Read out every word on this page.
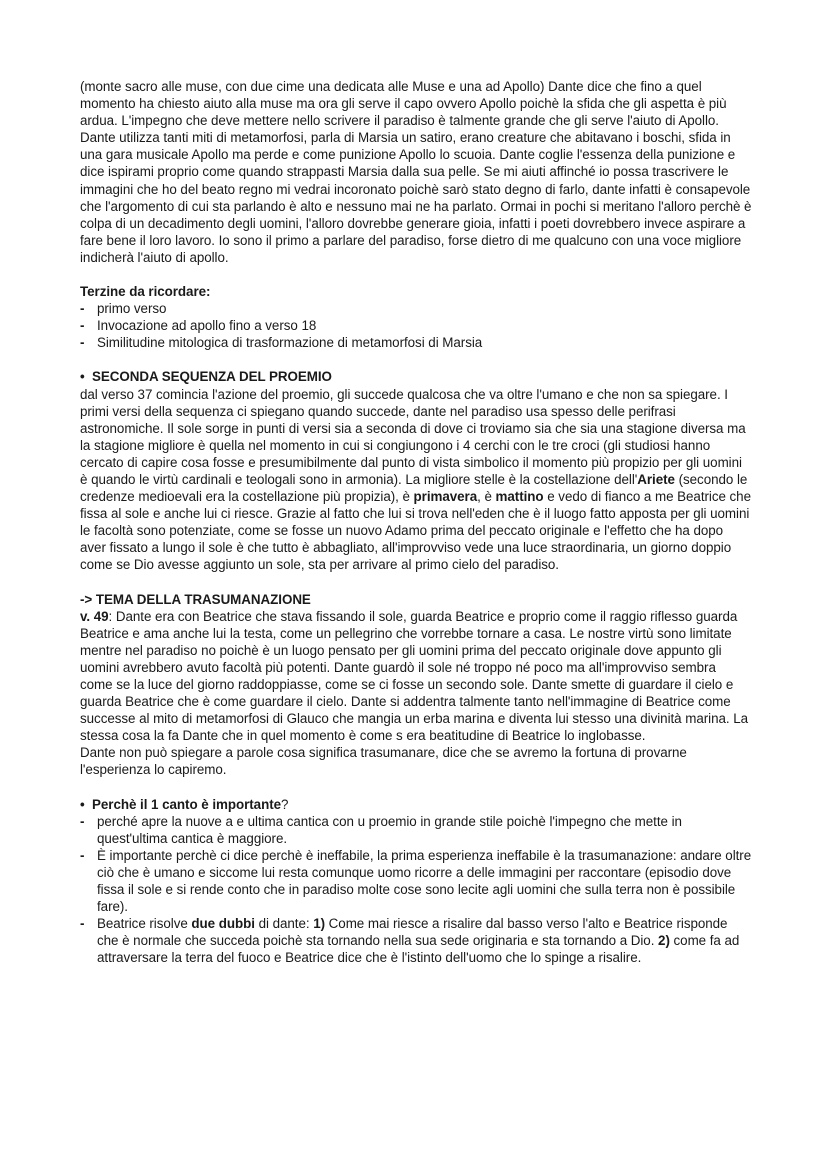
(monte sacro alle muse, con due cime una dedicata alle Muse e una ad Apollo) Dante dice che fino a quel momento ha chiesto aiuto alla muse ma ora gli serve il capo ovvero Apollo poichè la sfida che gli aspetta è più ardua. L'impegno che deve mettere nello scrivere il paradiso è talmente grande che gli serve l'aiuto di Apollo. Dante utilizza tanti miti di metamorfosi, parla di Marsia un satiro, erano creature che abitavano i boschi, sfida in una gara musicale Apollo ma perde e come punizione Apollo lo scuoia. Dante coglie l'essenza della punizione e dice ispirami proprio come quando strappasti Marsia dalla sua pelle. Se mi aiuti affinché io possa trascrivere le immagini che ho del beato regno mi vedrai incoronato poichè sarò stato degno di farlo, dante infatti è consapevole che l'argomento di cui sta parlando è alto e nessuno mai ne ha parlato. Ormai in pochi si meritano l'alloro perchè è colpa di un decadimento degli uomini, l'alloro dovrebbe generare gioia, infatti i poeti dovrebbero invece aspirare a fare bene il loro lavoro. Io sono il primo a parlare del paradiso, forse dietro di me qualcuno con una voce migliore indicherà l'aiuto di apollo.

Terzine da ricordare:

- primo verso
- Invocazione ad apollo fino a verso 18
- Similitudine mitologica di trasformazione di metamorfosi di Marsia

• SECONDA SEQUENZA DEL PROEMIO

dal verso 37 comincia l'azione del proemio, gli succede qualcosa che va oltre l'umano e che non sa spiegare. I primi versi della sequenza ci spiegano quando succede, dante nel paradiso usa spesso delle perifrasi astronomiche. Il sole sorge in punti di versi sia a seconda di dove ci troviamo sia che sia una stagione diversa ma la stagione migliore è quella nel momento in cui si congiungono i 4 cerchi con le tre croci (gli studiosi hanno cercato di capire cosa fosse e presumibilmente dal punto di vista simbolico il momento più propizio per gli uomini è quando le virtù cardinali e teologali sono in armonia). La migliore stelle è la costellazione dell'Ariete (secondo le credenze medioevali era la costellazione più propizia), è primavera, è mattino e vedo di fianco a me Beatrice che fissa al sole e anche lui ci riesce. Grazie al fatto che lui si trova nell'eden che è il luogo fatto apposta per gli uomini le facoltà sono potenziate, come se fosse un nuovo Adamo prima del peccato originale e l'effetto che ha dopo aver fissato a lungo il sole è che tutto è abbagliato, all'improvviso vede una luce straordinaria, un giorno doppio come se Dio avesse aggiunto un sole, sta per arrivare al primo cielo del paradiso.

-> TEMA DELLA TRASUMANAZIONE

v. 49: Dante era con Beatrice che stava fissando il sole, guarda Beatrice e proprio come il raggio riflesso guarda Beatrice e ama anche lui la testa, come un pellegrino che vorrebbe tornare a casa. Le nostre virtù sono limitate mentre nel paradiso no poichè è un luogo pensato per gli uomini prima del peccato originale dove appunto gli uomini avrebbero avuto facoltà più potenti. Dante guardò il sole né troppo né poco ma all'improvviso sembra come se la luce del giorno raddoppiasse, come se ci fosse un secondo sole. Dante smette di guardare il cielo e guarda Beatrice che è come guardare il cielo. Dante si addentra talmente tanto nell'immagine di Beatrice come successe al mito di metamorfosi di Glauco che mangia un erba marina e diventa lui stesso una divinità marina. La stessa cosa la fa Dante che in quel momento è come s era beatitudine di Beatrice lo inglobasse.

Dante non può spiegare a parole cosa significa trasumanare, dice che se avremo la fortuna di provarne l'esperienza lo capiremo.

• Perchè il 1 canto è importante?

- perché apre la nuove a e ultima cantica con u proemio in grande stile poichè l'impegno che mette in quest'ultima cantica è maggiore.
- È importante perchè ci dice perchè è ineffabile, la prima esperienza ineffabile è la trasumanazione: andare oltre ciò che è umano e siccome lui resta comunque uomo ricorre a delle immagini per raccontare (episodio dove fissa il sole e si rende conto che in paradiso molte cose sono lecite agli uomini che sulla terra non è possibile fare).
- Beatrice risolve due dubbi di dante: 1) Come mai riesce a risalire dal basso verso l'alto e Beatrice risponde che è normale che succeda poichè sta tornando nella sua sede originaria e sta tornando a Dio. 2) come fa ad attraversare la terra del fuoco e Beatrice dice che è l'istinto dell'uomo che lo spinge a risalire.
